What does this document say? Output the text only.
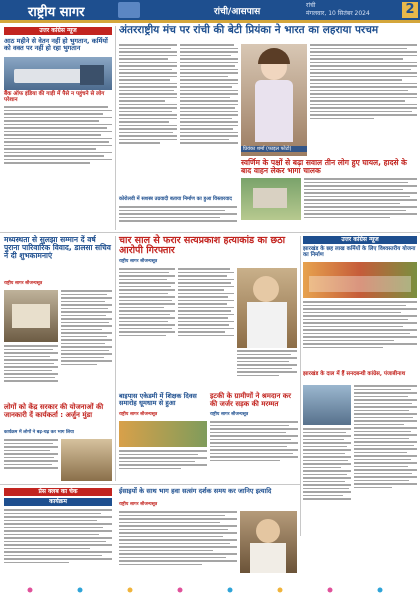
राष्ट्रीय सागर	रांची/आसपास
रांची
मंगलवार, 10 सितंबर 2024	2
उत्तर कांग्रेस न्यूज
आठ महीने से वेतन नहीं हो भुगतान, कर्मियों को वक्त पर नहीं हो रहा भुगतान
बैंक ऑफ इंडिया की गाड़ी में पैसे न पहुंचने से लोग परेशान
अंतरराष्ट्रीय मंच पर रांची की बेटी प्रियंका ने भारत का लहराया परचम
प्रियंका शर्मा (फाइल फोटो)
स्वर्णिम के पक्षों से बढ़ा सवाल तीन लोग हुए घायल, हादसे के बाद वाहन लेकर भागा चालक
कोरोलवी में सशस्त्र उग्रवादी बताया निर्माण का हुआ विस्तारवाद
मध्यस्थता से सुलझा सम्मान दें वर्ष पुराना पारिवारिक विवाद, डालसा सचिव ने दी शुभकामनाएं
राष्ट्रीय सागर सौजन्यसूत्र
चार साल से फरार सत्यप्रकाश हत्याकांड का छठा आरोपी गिरफ्तार
राष्ट्रीय सागर सौजन्यसूत्र
उत्तर कांग्रेस न्यूज
झारखंड के छह लाख कर्मियों के लिए विश्वस्तरीय योजना का निर्माण
झारखंड के दाल में हैं सनदबन्धी कांग्रेस, पंजाबीनाथ
लोगों को केंद्र सरकार की योजनाओं की जानकारी दें कार्यकर्ता : अर्जुन मुंडा
कार्यक्रम में लोगों ने बढ़-चढ़ कर भाग लिया
बाइपास एकेडमी में शिक्षक दिवस समारोह धूमधाम से हुआ
राष्ट्रीय सागर सौजन्यसूत्र
इटकी के ग्रामीणों ने श्रमदान कर की जर्जर सड़क की मरम्मत
राष्ट्रीय सागर सौजन्यसूत्र
प्रेस क्लब का चेक
कार्यक्रम
ईसाइयों के साथ भाग हवा सत्संग दर्शक समय कर जानिए इत्यादि
राष्ट्रीय सागर सौजन्यसूत्र
